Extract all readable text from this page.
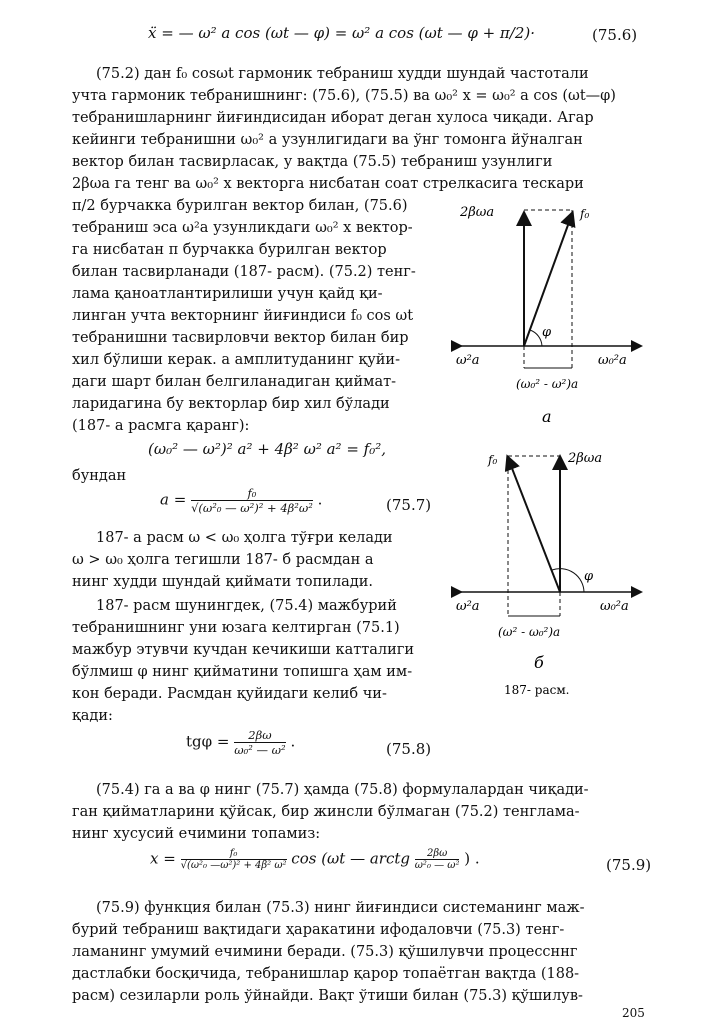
ẍ = — ω² a cos (ωt — φ) = ω² a cos (ωt — φ + π/2)·	(75.6)
(75.2) дан f₀ cosωt гармоник тебраниш худди шундай частотали
учта гармоник тебранишнинг: (75.6), (75.5) ва ω₀² x = ω₀² a cos (ωt—φ)
тебранишларнинг йиғиндисидан иборат деган хулоса чиқади. Агар
кейинги тебранишни ω₀² a узунлигидаги ва ўнг томонга йўналган
вектор билан тасвирласак, у вақтда (75.5) тебраниш узунлиги
2βωa га тенг ва ω₀² x векторга нисбатан соат стрелкасига тескари
π/2 бурчакка бурилган вектор билан, (75.6)
тебраниш эса ω²a узунликдаги ω₀² x вектор-
га нисбатан π бурчакка бурилган вектор
билан тасвирланади (187- расм). (75.2) тенг-
лама қаноатлантирилиши учун қайд қи-
линган учта векторнинг йиғиндиси f₀ cos ωt
тебранишни тасвирловчи вектор билан бир
хил бўлиши керак. a амплитуданинг қуйи-
даги шарт билан белгиланадиган қиймат-
ларидагина бу векторлар бир хил бўлади
(187- a расмга қаранг):
(ω₀² — ω²)² a² + 4β² ω² a² = f₀²,
бундан
$a = \frac{\text{f₀}}{\text{√(ω²₀ — ω²)² + 4β²ω²}}$ .	(75.7)
187- a расм ω < ω₀ ҳолга тўғри келади
ω > ω₀ ҳолга тегишли 187- б расмдан a
нинг худди шундай қиймати топилади.
187- расм шунингдек, (75.4) мажбурий
тебранишнинг уни юзага келтирган (75.1)
мажбур этувчи кучдан кечикиши катталиги
бўлмиш φ нинг қийматини топишга ҳам им-
кон беради. Расмдан қуйидаги келиб чи-
қади:
$tg\varphi = \frac{2\beta\omega}{\text{ω₀² — ω²}}$ .	(75.8)
(75.4) га a ва φ нинг (75.7) ҳамда (75.8) формулалардан чиқади-
ган қийматларини қўйсак, бир жинсли бўлмаган (75.2) тенглама-
нинг хусусий ечимини топамиз:
$x = \frac{\text{f₀}}{\text{√(ω²₀ —ω²)² + 4β² ω²}}$ cos (ωt — arctg $\frac{2\beta\omega}{\text{ω²₀ — ω²}}$ ) .	(75.9)
(75.9) функция билан (75.3) нинг йиғиндиси системанинг маж-
бурий тебраниш вақтидаги ҳаракатини ифодаловчи (75.3) тенг-
ламанинг умумий ечимини беради. (75.3) қўшилувчи процессннг
дастлабки босқичида, тебранишлар қарор топаётган вақтда (188-
расм) сезиларли роль ўйнайди. Вақт ўтиши билан (75.3) қўшилув-
205
2βωa	f₀
φ
ω²a	ω₀²a
(ω₀² - ω²)a
a
2βωa
f₀
φ
ω²a	ω₀²a
(ω² - ω₀²)a
б
187- расм.
